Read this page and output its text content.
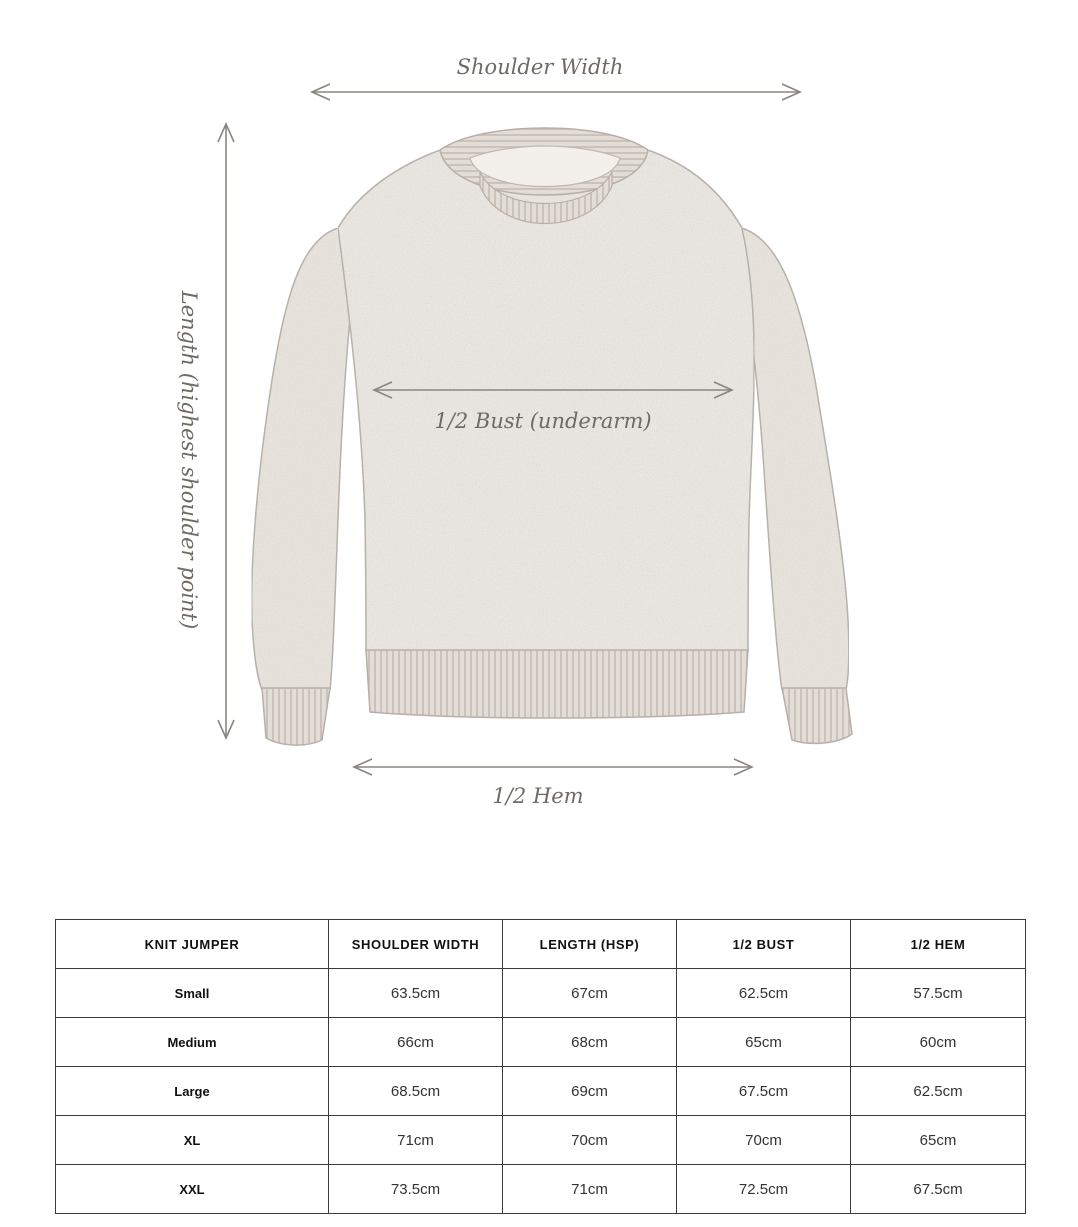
Shoulder Width
Length (highest shoulder point)	1/2 Bust (underarm)
1/2 Hem
KNIT JUMPER	SHOULDER WIDTH	LENGTH (HSP)	1/2 BUST	1/2 HEM
Small	63.5cm	67cm	62.5cm	57.5cm
Medium	66cm	68cm	65cm	60cm
Large	68.5cm	69cm	67.5cm	62.5cm
XL	71cm	70cm	70cm	65cm
XXL	73.5cm	71cm	72.5cm	67.5cm
